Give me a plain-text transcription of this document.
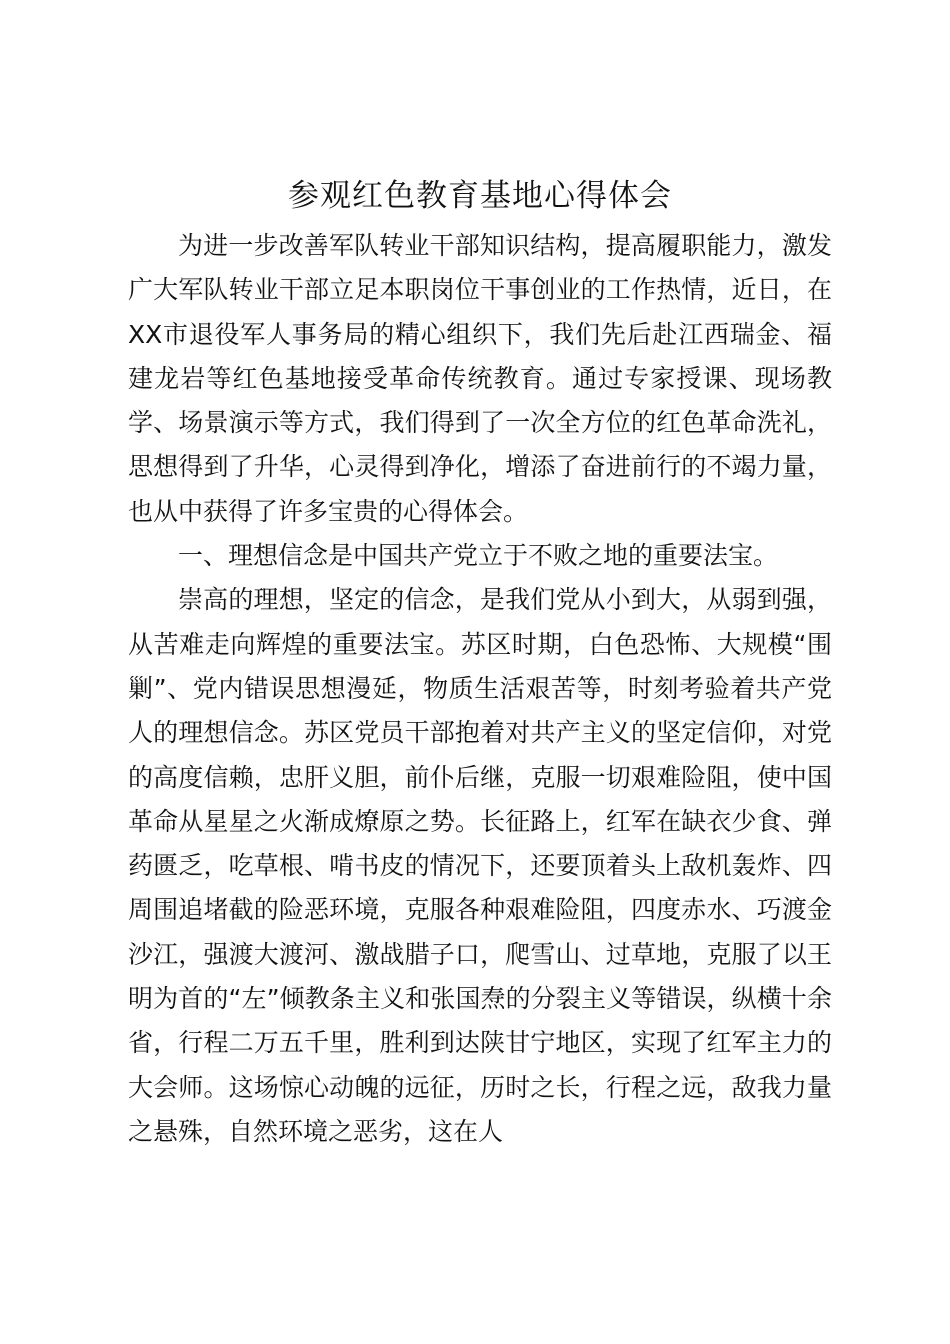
参观红色教育基地心得体会

为进一步改善军队转业干部知识结构，提高履职能力，激发广大军队转业干部立足本职岗位干事创业的工作热情，近日，在XX市退役军人事务局的精心组织下，我们先后赴江西瑞金、福建龙岩等红色基地接受革命传统教育。通过专家授课、现场教学、场景演示等方式，我们得到了一次全方位的红色革命洗礼，思想得到了升华，心灵得到净化，增添了奋进前行的不竭力量，也从中获得了许多宝贵的心得体会。

一、理想信念是中国共产党立于不败之地的重要法宝。

崇高的理想，坚定的信念，是我们党从小到大，从弱到强，从苦难走向辉煌的重要法宝。苏区时期，白色恐怖、大规模“围剿”、党内错误思想漫延，物质生活艰苦等，时刻考验着共产党人的理想信念。苏区党员干部抱着对共产主义的坚定信仰，对党的高度信赖，忠肝义胆，前仆后继，克服一切艰难险阻，使中国革命从星星之火渐成燎原之势。长征路上，红军在缺衣少食、弹药匮乏，吃草根、啃书皮的情况下，还要顶着头上敌机轰炸、四周围追堵截的险恶环境，克服各种艰难险阻，四度赤水、巧渡金沙江，强渡大渡河、激战腊子口，爬雪山、过草地，克服了以王明为首的“左”倾教条主义和张国焘的分裂主义等错误，纵横十余省，行程二万五千里，胜利到达陕甘宁地区，实现了红军主力的大会师。这场惊心动魄的远征，历时之长，行程之远，敌我力量之悬殊，自然环境之恶劣，这在人
